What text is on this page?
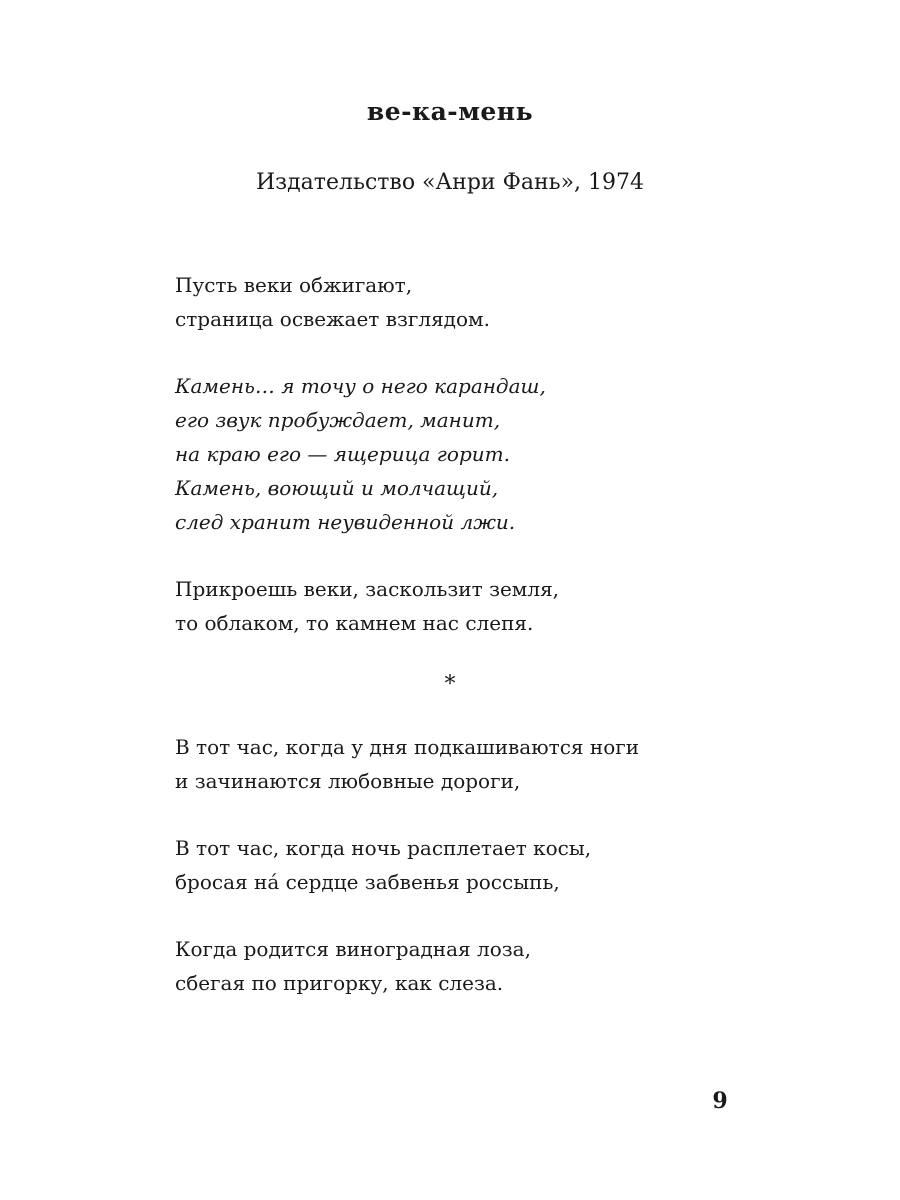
ве-ка-мень
Издательство «Анри Фань», 1974
Пусть веки обжигают,
страница освежает взглядом.
Камень… я точу о него карандаш,
его звук пробуждает, манит,
на краю его — ящерица горит.
Камень, воющий и молчащий,
след хранит неувиденной лжи.
Прикроешь веки, заскользит земля,
то облаком, то камнем нас слепя.
*
В тот час, когда у дня подкашиваются ноги
и зачинаются любовные дороги,
В тот час, когда ночь расплетает косы,
бросая нá сердце забвенья россыпь,
Когда родится виноградная лоза,
сбегая по пригорку, как слеза.
9
